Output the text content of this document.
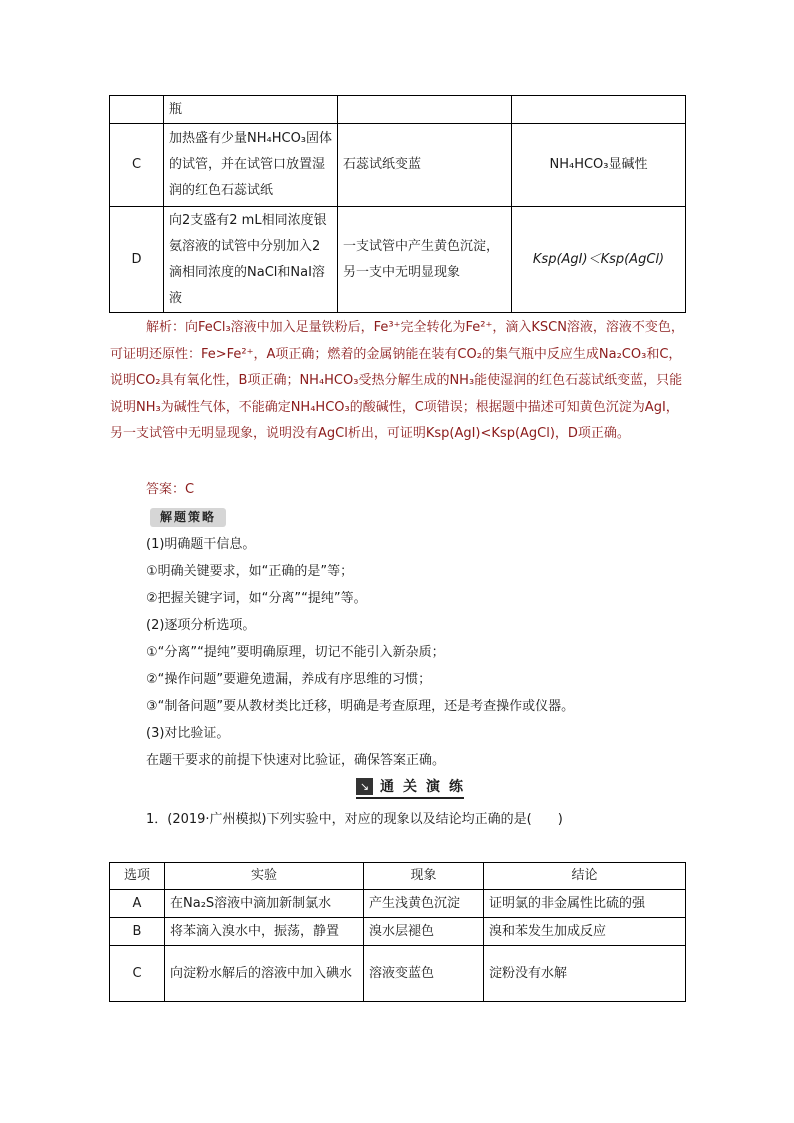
	瓶		
C	加热盛有少量NH₄HCO₃固体的试管，并在试管口放置湿润的红色石蕊试纸	石蕊试纸变蓝	NH₄HCO₃显碱性
D	向2支盛有2 mL相同浓度银氨溶液的试管中分别加入2滴相同浓度的NaCl和NaI溶液	一支试管中产生黄色沉淀，另一支中无明显现象	Ksp(AgI)＜Ksp(AgCl)
解析：向FeCl₃溶液中加入足量铁粉后，Fe³⁺完全转化为Fe²⁺，滴入KSCN溶液，溶液不变色，可证明还原性：Fe>Fe²⁺，A项正确；燃着的金属钠能在装有CO₂的集气瓶中反应生成Na₂CO₃和C，说明CO₂具有氧化性，B项正确；NH₄HCO₃受热分解生成的NH₃能使湿润的红色石蕊试纸变蓝，只能说明NH₃为碱性气体，不能确定NH₄HCO₃的酸碱性，C项错误；根据题中描述可知黄色沉淀为AgI，另一支试管中无明显现象，说明没有AgCl析出，可证明Ksp(AgI)<Ksp(AgCl)，D项正确。
答案：C
解题策略
(1)明确题干信息。
①明确关键要求，如“正确的是”等；
②把握关键字词，如“分离”“提纯”等。
(2)逐项分析选项。
①“分离”“提纯”要明确原理，切记不能引入新杂质；
②“操作问题”要避免遗漏，养成有序思维的习惯；
③“制备问题”要从教材类比迁移，明确是考查原理，还是考查操作或仪器。
(3)对比验证。
在题干要求的前提下快速对比验证，确保答案正确。
↘ 通关演练
1．(2019·广州模拟)下列实验中，对应的现象以及结论均正确的是(　　)
选项	实验	现象	结论
A	在Na₂S溶液中滴加新制氯水	产生浅黄色沉淀	证明氯的非金属性比硫的强
B	将苯滴入溴水中，振荡，静置	溴水层褪色	溴和苯发生加成反应
C	向淀粉水解后的溶液中加入碘水	溶液变蓝色	淀粉没有水解
